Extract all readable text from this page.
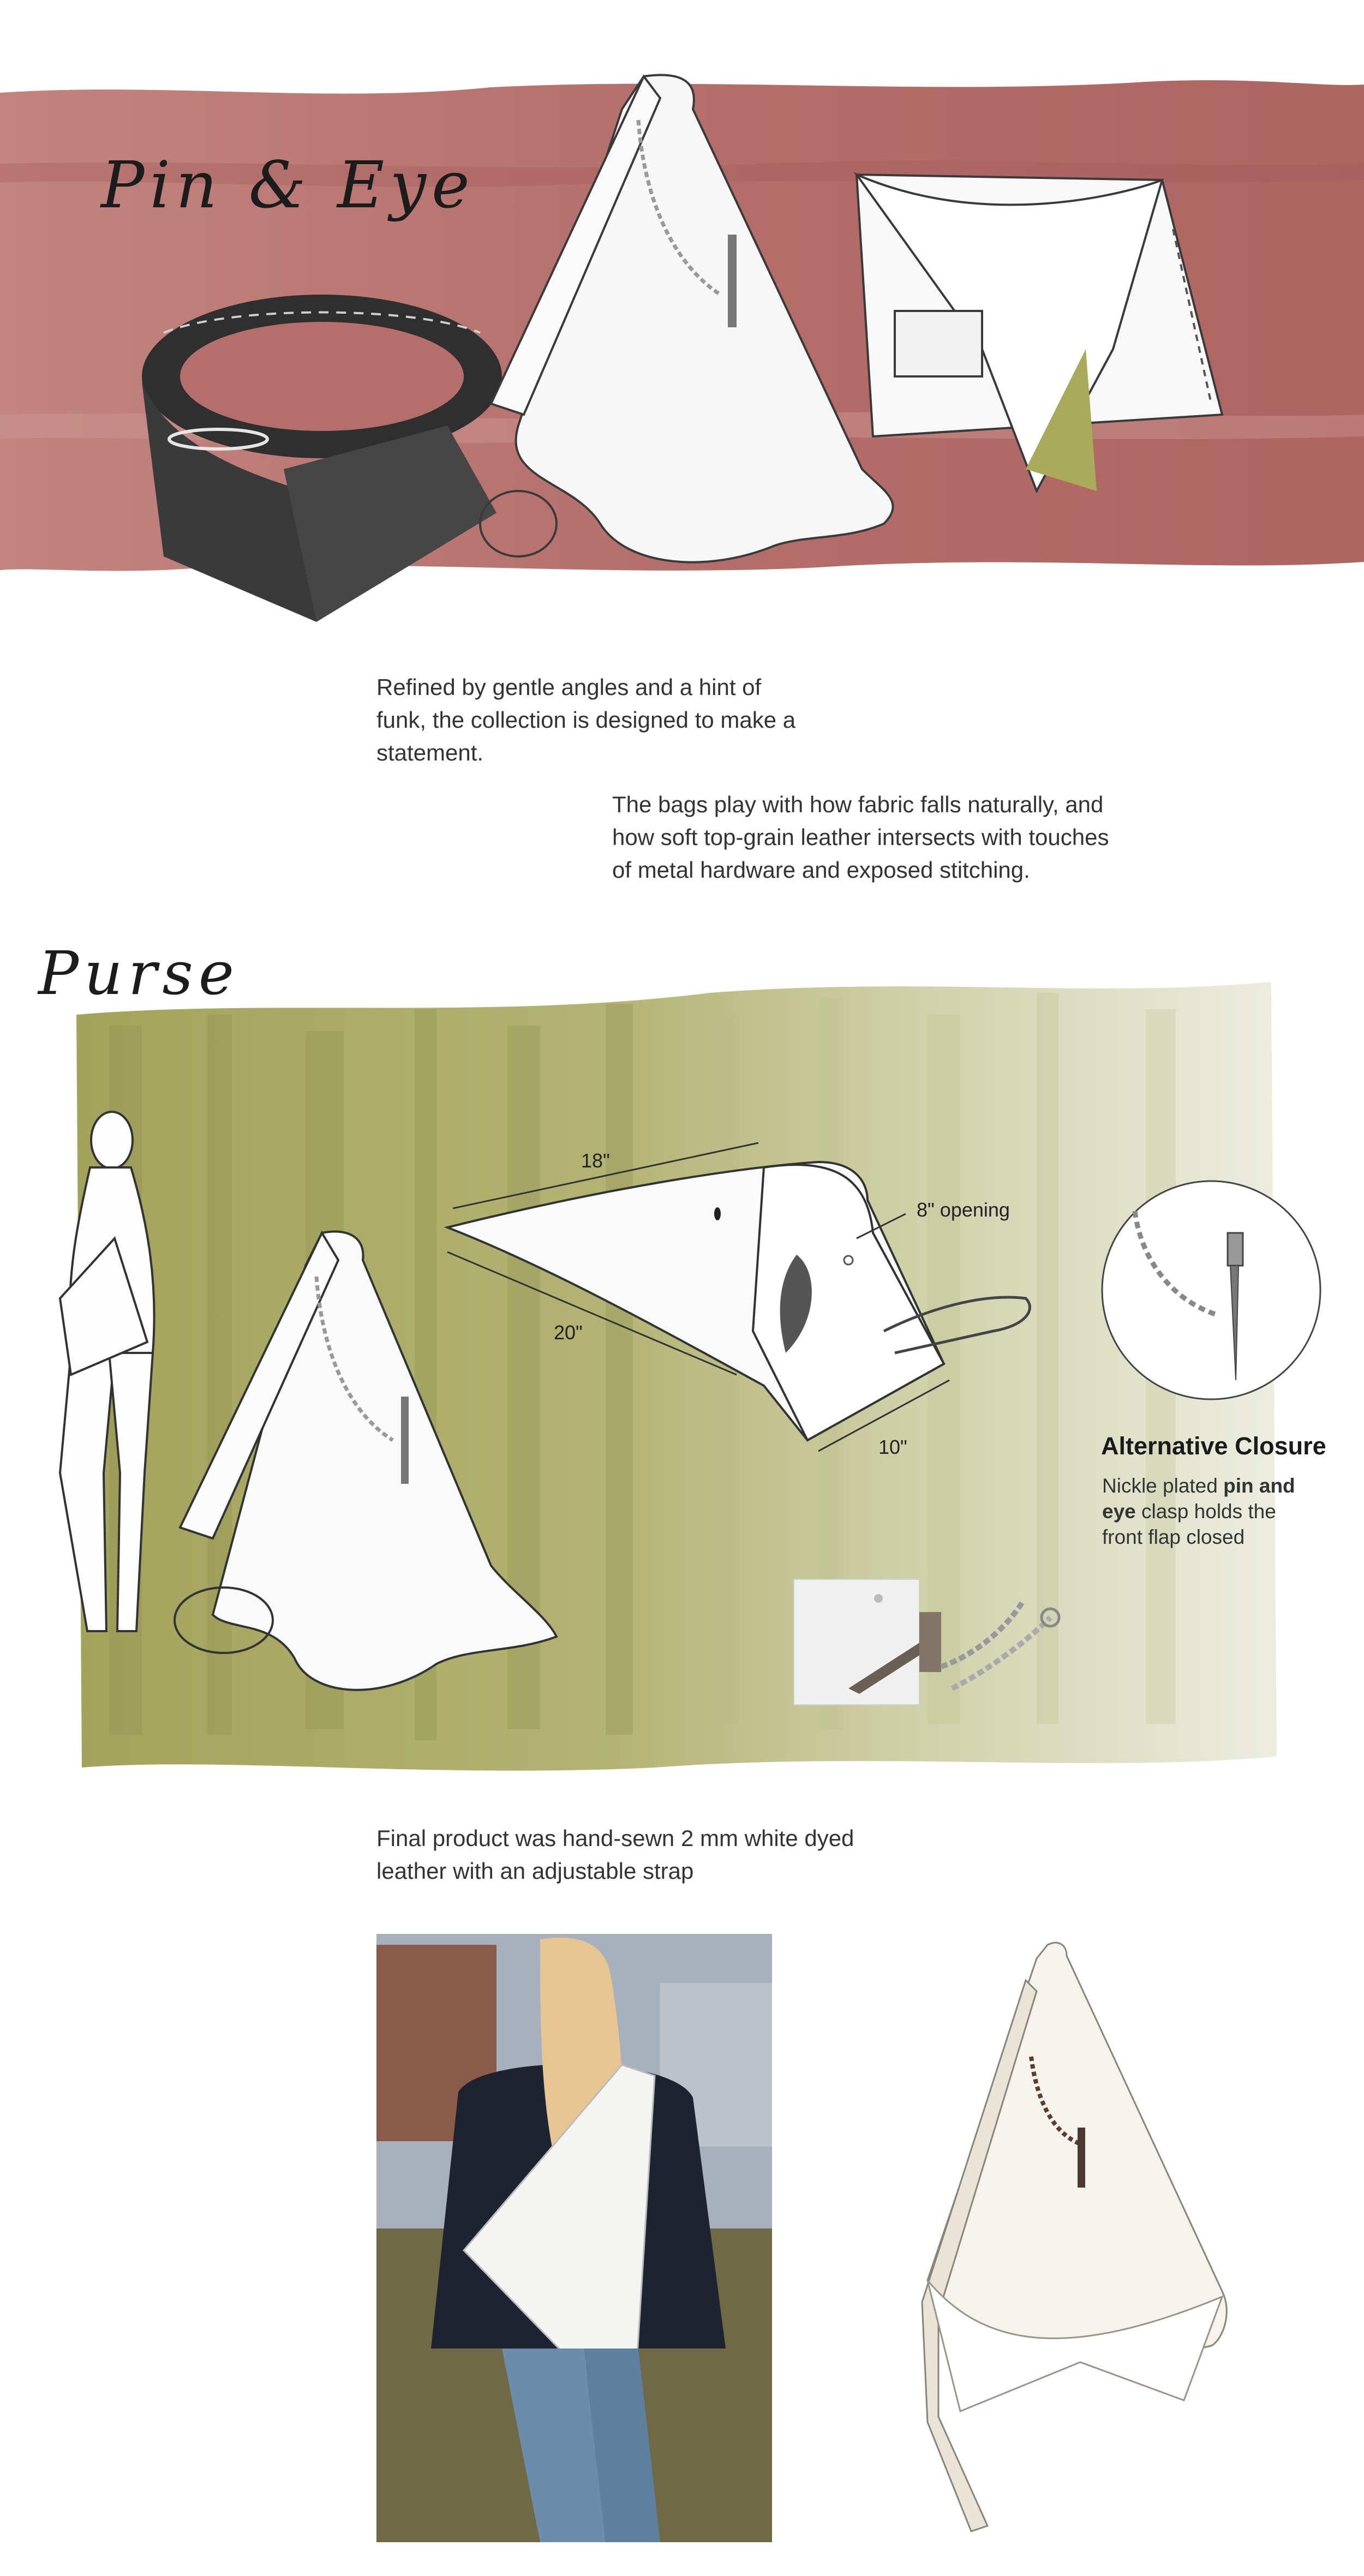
Pin & Eye

Refined by gentle angles and a hint of funk, the collection is designed to make a statement.

The bags play with how fabric falls naturally, and how soft top-grain leather intersects with touches of metal hardware and exposed stitching.

Purse
18"
20"
10"
8" opening
Alternative Closure
Nickle plated pin and eye clasp holds the front flap closed
Final product was hand-sewn 2 mm white dyed leather with an adjustable strap
